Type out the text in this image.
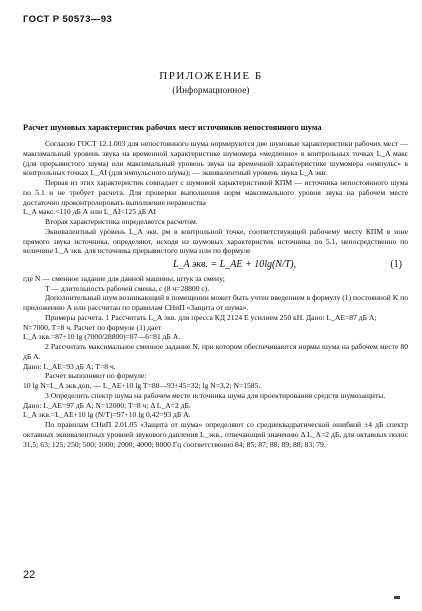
ГОСТ Р 50573—93
ПРИЛОЖЕНИЕ Б
(Информационное)
Расчет шумовых характеристик рабочих мест источников непостоянного шума

Согласно ГОСТ 12.1.003 для непостоянного шума нормируются две шумовые характеристики рабочих мест — максимальный уровень звука на временной характеристике шумомера «медленно» в контрольных точках L_A макс (для прерывистого шума) или максимальный уровень звука на временной характеристике шумомера «импульс» в контрольных точках L_AI (для импульсного шума); — эквивалентный уровень звука L_A экв.

Первая из этих характеристик совпадает с шумовой характеристикой КПМ — источника непостоянного шума по 5.1 и не требует расчета. Для проверки выполнения норм максимального уровня звука на рабочем месте достаточно проконтролировать выполнение неравенства

L_A макс.<110 дБ А или L_AI<125 дБ AI

Вторая характеристика определяется расчетом.

Эквивалентный уровень L_A экв. рм в контрольной точке, соответствующей рабочему месту КПМ в зоне прямого звука источника, определяют, исходя из шумовых характеристик источника по 5.1, непосредственно по величине L_A экв. для источника прерывистого шума или по формуле

L_A экв. = L_AE + 10lg(N/T),	(1)

где N — сменное задание для данной машины, штук за смену;

T — длительность рабочей смены, с (8 ч=28800 с).

Дополнительный шум возникающий в помещении может быть учтен введением в формулу (1) постоянной K по приложению А или рассчитан по правилам СНиП «Защита от шума».

Примеры расчета. 1 Рассчитать L_A экв. для пресса КД 2124 Е усилием 250 кН. Дано: L_AE=87 дБ А;

N=7000, T=8 ч. Расчет по формуле (1) дает

L_A экв.=87+10 lg (7000/28800)=87—6=81 дБ А.

2 Рассчитать максимальное сменное задание N, при котором обеспечиваются нормы шума на рабочем месте 80 дБ А.

Дано: L_AE=93 дБ А; T=8 ч.

Расчет выполняют по формуле:

10 lg N=L_A экв.доп. — L_AE+10 lg T=80—93+45=32; lg N=3,2; N=1585.

3 Определить спектр шума на рабочем месте источника шума для проектирования средств шумозащиты.

Дано: L_AE=97 дБ А; N=12000; T=8 ч; Δ L_A=2 дБ.

L_A экв.=L_AE+10 lg (N/T)=97+10 lg 0,42=93 дБ А.

По правилам СНиП 2.01.05 «Защита от шума» определяют со среднеквадратической ошибкой ±4 дБ спектр октавных эквивалентных уровней звукового давления L_экв., отвечающий значению Δ L_A=2 дБ, для октавных полос 31,5; 63; 125; 250; 500; 1000; 2000; 4000; 8000 Гц соответственно 84; 85; 87; 88; 89; 88; 83; 79.

22
